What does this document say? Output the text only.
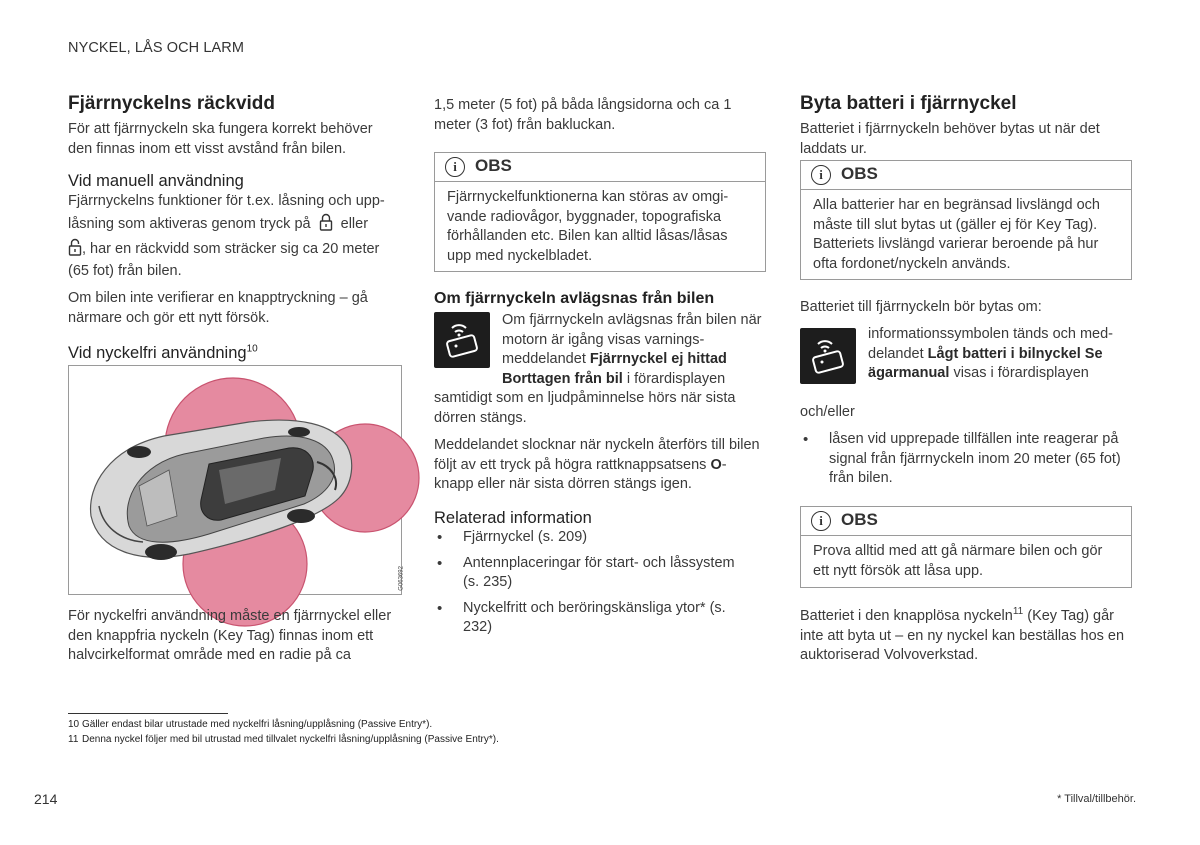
NYCKEL, LÅS OCH LARM
Fjärrnyckelns räckvidd

För att fjärrnyckeln ska fungera korrekt behöver den finnas inom ett visst avstånd från bilen.

Vid manuell användning

Fjärrnyckelns funktioner för t.ex. låsning och upp-

låsning som aktiveras genom tryck på eller

, har en räckvidd som sträcker sig ca 20 meter

(65 fot) från bilen.

Om bilen inte verifierar en knapptryckning – gå närmare och gör ett nytt försök.

Vid nyckelfri användning$^{10}$
G063692

För nyckelfri användning måste en fjärrnyckel eller den knappfria nyckeln (Key Tag) finnas inom ett halvcirkelformat område med en radie på ca

1,5 meter (5 fot) på båda långsidorna och ca 1 meter (3 fot) från bakluckan.

i	OBS
Fjärrnyckelfunktionerna kan störas av omgi-vande radiovågor, byggnader, topografiska förhållanden etc. Bilen kan alltid låsas/låsas upp med nyckelbladet.
Om fjärrnyckeln avlägsnas från bilen
Om fjärrnyckeln avlägsnas från bilen när motorn är igång visas varnings-meddelandet Fjärrnyckel ej hittad Borttagen från bil i förardisplayen

samtidigt som en ljudpåminnelse hörs när sista dörren stängs.

Meddelandet slocknar när nyckeln återförs till bilen följt av ett tryck på högra rattknappsatsens O-knapp eller när sista dörren stängs igen.

Relaterad information
• Fjärrnyckel (s. 209)
• Antennplaceringar för start- och låssystem (s. 235)
• Nyckelfritt och beröringskänsliga ytor* (s. 232)
Byta batteri i fjärrnyckel

Batteriet i fjärrnyckeln behöver bytas ut när det laddats ur.

i	OBS
Alla batterier har en begränsad livslängd och måste till slut bytas ut (gäller ej för Key Tag). Batteriets livslängd varierar beroende på hur ofta fordonet/nyckeln används.

Batteriet till fjärrnyckeln bör bytas om:

informationssymbolen tänds och med-delandet Lågt batteri i bilnyckel Se ägarmanual visas i förardisplayen

och/eller

• låsen vid upprepade tillfällen inte reagerar på signal från fjärrnyckeln inom 20 meter (65 fot) från bilen.
i	OBS
Prova alltid med att gå närmare bilen och gör ett nytt försök att låsa upp.

Batteriet i den knapplösa nyckeln$^{11}$ (Key Tag) går inte att byta ut – en ny nyckel kan beställas hos en auktoriserad Volvoverkstad.

10 Gäller endast bilar utrustade med nyckelfri låsning/upplåsning (Passive Entry*).
11 Denna nyckel följer med bil utrustad med tillvalet nyckelfri låsning/upplåsning (Passive Entry*).
214	* Tillval/tillbehör.
